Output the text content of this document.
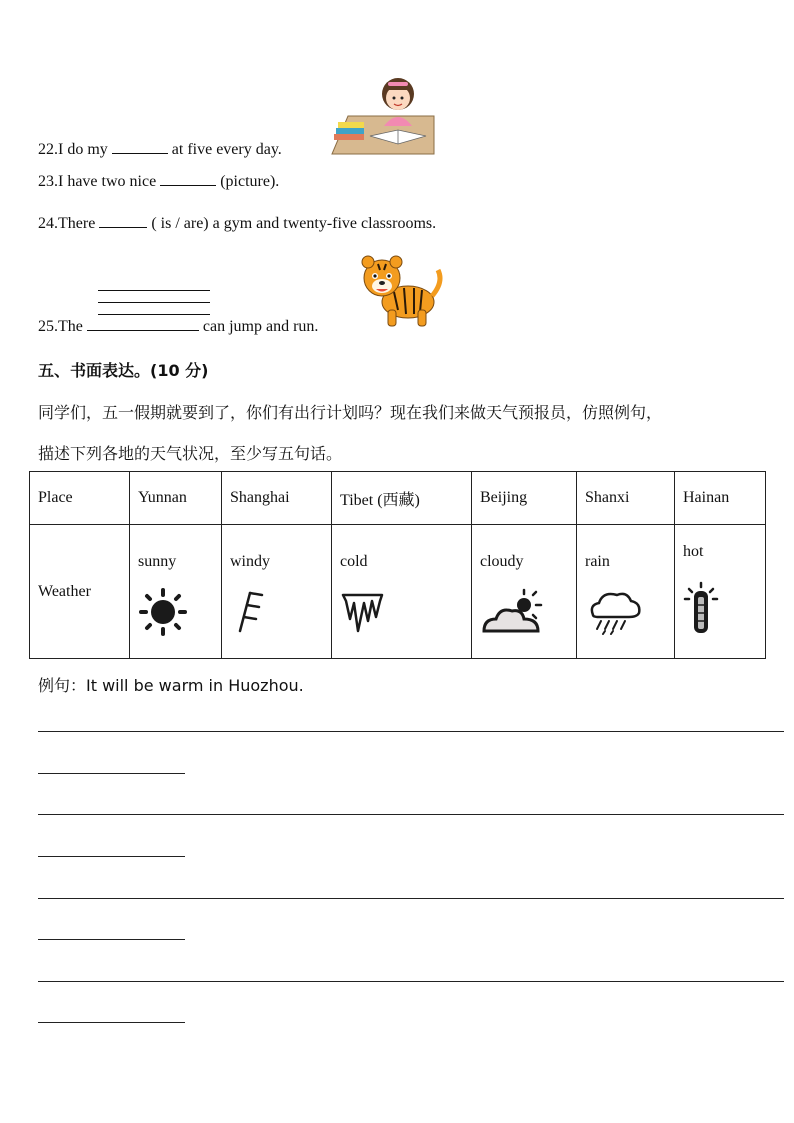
22.I do my	at five every day.
23.I have two nice	(picture).
24.There	( is / are) a gym and twenty-five classrooms.
25.The	can jump and run.
五、书面表达。(10 分)
同学们，五一假期就要到了，你们有出行计划吗？现在我们来做天气预报员，仿照例句，
描述下列各地的天气状况，至少写五句话。
Place	Yunnan	Shanghai	Tibet (西藏)	Beijing	Shanxi	Hainan
Weather	sunny	windy	cold	cloudy	rain	hot
例句：It will be warm in Huozhou.
